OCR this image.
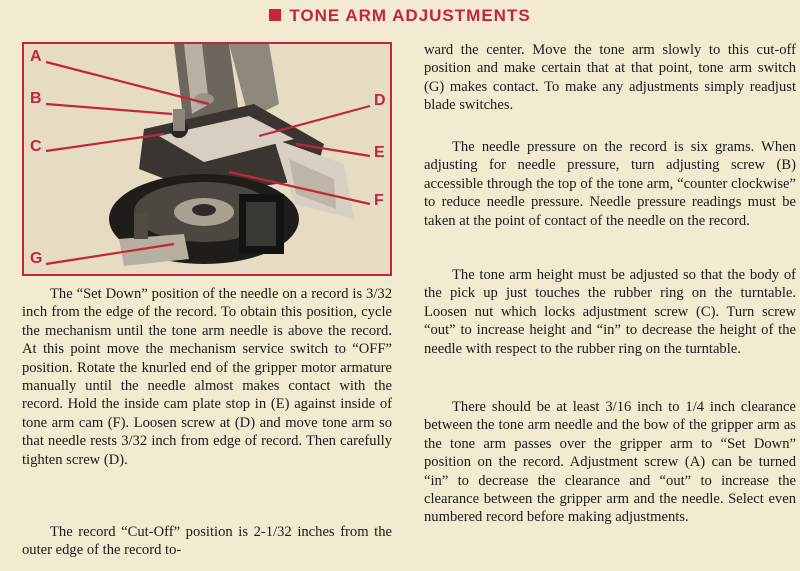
TONE ARM ADJUSTMENTS
A
B
C
D
E
F
G

The “Set Down” position of the needle on a record is 3/32 inch from the edge of the record. To obtain this position, cycle the mechanism until the tone arm needle is above the record. At this point move the mechanism service switch to “OFF” position. Rotate the knurled end of the gripper motor armature manually until the needle almost makes contact with the record. Hold the inside cam plate stop in (E) against inside of tone arm cam (F). Loosen screw at (D) and move tone arm so that needle rests 3/32 inch from edge of record. Then carefully tighten screw (D).

The record “Cut-Off” position is 2-1/32 inches from the outer edge of the record to-

ward the center. Move the tone arm slowly to this cut-off position and make certain that at that point, tone arm switch (G) makes contact. To make any adjustments simply readjust blade switches.

The needle pressure on the record is six grams. When adjusting for needle pressure, turn adjusting screw (B) accessible through the top of the tone arm, “counter clockwise” to reduce needle pressure. Needle pressure readings must be taken at the point of contact of the needle on the record.

The tone arm height must be adjusted so that the body of the pick up just touches the rubber ring on the turntable. Loosen nut which locks adjustment screw (C). Turn screw “out” to increase height and “in” to decrease the height of the needle with respect to the rubber ring on the turntable.

There should be at least 3/16 inch to 1/4 inch clearance between the tone arm needle and the bow of the gripper arm as the tone arm passes over the gripper arm to “Set Down” position on the record. Adjustment screw (A) can be turned “in” to decrease the clearance and “out” to increase the clearance between the gripper arm and the needle. Select even numbered record before making adjustments.
